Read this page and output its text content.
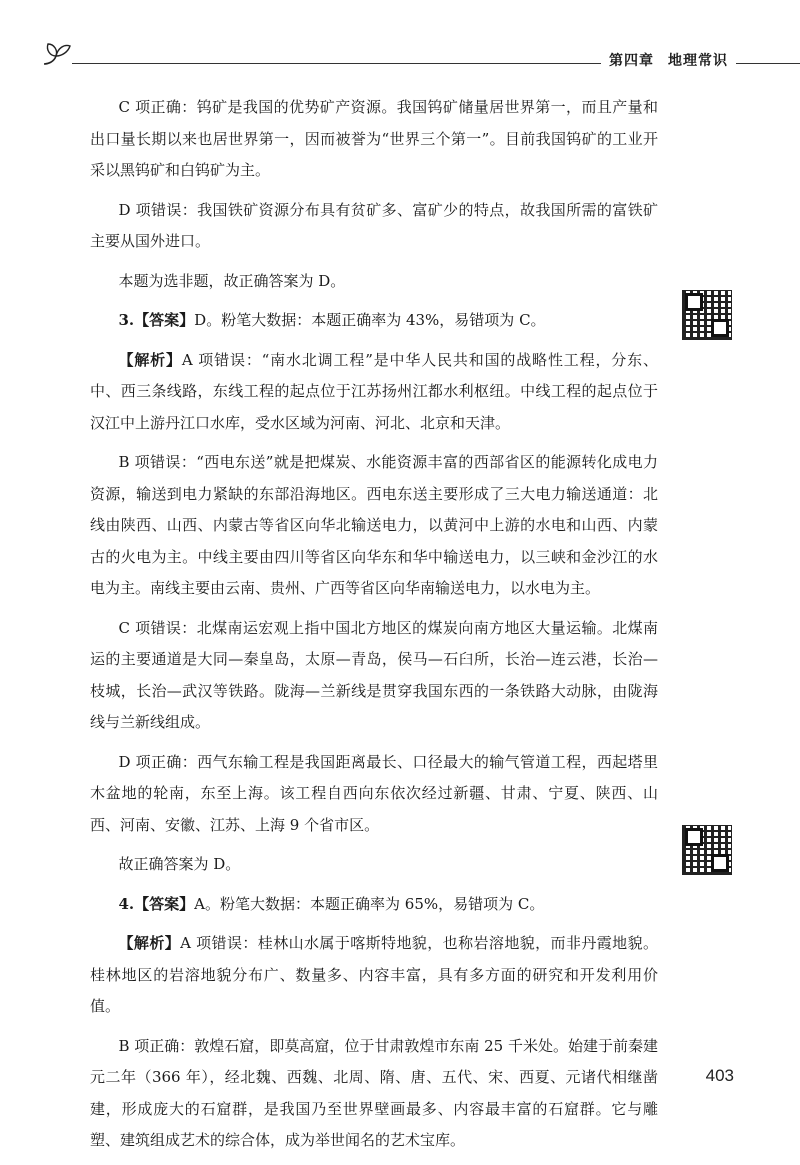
第四章 地理常识

C 项正确：钨矿是我国的优势矿产资源。我国钨矿储量居世界第一，而且产量和出口量长期以来也居世界第一，因而被誉为“世界三个第一”。目前我国钨矿的工业开采以黑钨矿和白钨矿为主。

D 项错误：我国铁矿资源分布具有贫矿多、富矿少的特点，故我国所需的富铁矿主要从国外进口。

本题为选非题，故正确答案为 D。

3.【答案】D。粉笔大数据：本题正确率为 43%，易错项为 C。

【解析】A 项错误：“南水北调工程”是中华人民共和国的战略性工程，分东、中、西三条线路，东线工程的起点位于江苏扬州江都水利枢纽。中线工程的起点位于汉江中上游丹江口水库，受水区域为河南、河北、北京和天津。

B 项错误：“西电东送”就是把煤炭、水能资源丰富的西部省区的能源转化成电力资源，输送到电力紧缺的东部沿海地区。西电东送主要形成了三大电力输送通道：北线由陕西、山西、内蒙古等省区向华北输送电力，以黄河中上游的水电和山西、内蒙古的火电为主。中线主要由四川等省区向华东和华中输送电力，以三峡和金沙江的水电为主。南线主要由云南、贵州、广西等省区向华南输送电力，以水电为主。

C 项错误：北煤南运宏观上指中国北方地区的煤炭向南方地区大量运输。北煤南运的主要通道是大同—秦皇岛，太原—青岛，侯马—石臼所，长治—连云港，长治—枝城，长治—武汉等铁路。陇海—兰新线是贯穿我国东西的一条铁路大动脉，由陇海线与兰新线组成。

D 项正确：西气东输工程是我国距离最长、口径最大的输气管道工程，西起塔里木盆地的轮南，东至上海。该工程自西向东依次经过新疆、甘肃、宁夏、陕西、山西、河南、安徽、江苏、上海 9 个省市区。

故正确答案为 D。

4.【答案】A。粉笔大数据：本题正确率为 65%，易错项为 C。

【解析】A 项错误：桂林山水属于喀斯特地貌，也称岩溶地貌，而非丹霞地貌。桂林地区的岩溶地貌分布广、数量多、内容丰富，具有多方面的研究和开发利用价值。

B 项正确：敦煌石窟，即莫高窟，位于甘肃敦煌市东南 25 千米处。始建于前秦建元二年（366 年），经北魏、西魏、北周、隋、唐、五代、宋、西夏、元诸代相继凿建，形成庞大的石窟群，是我国乃至世界壁画最多、内容最丰富的石窟群。它与雕塑、建筑组成艺术的综合体，成为举世闻名的艺术宝库。

403
